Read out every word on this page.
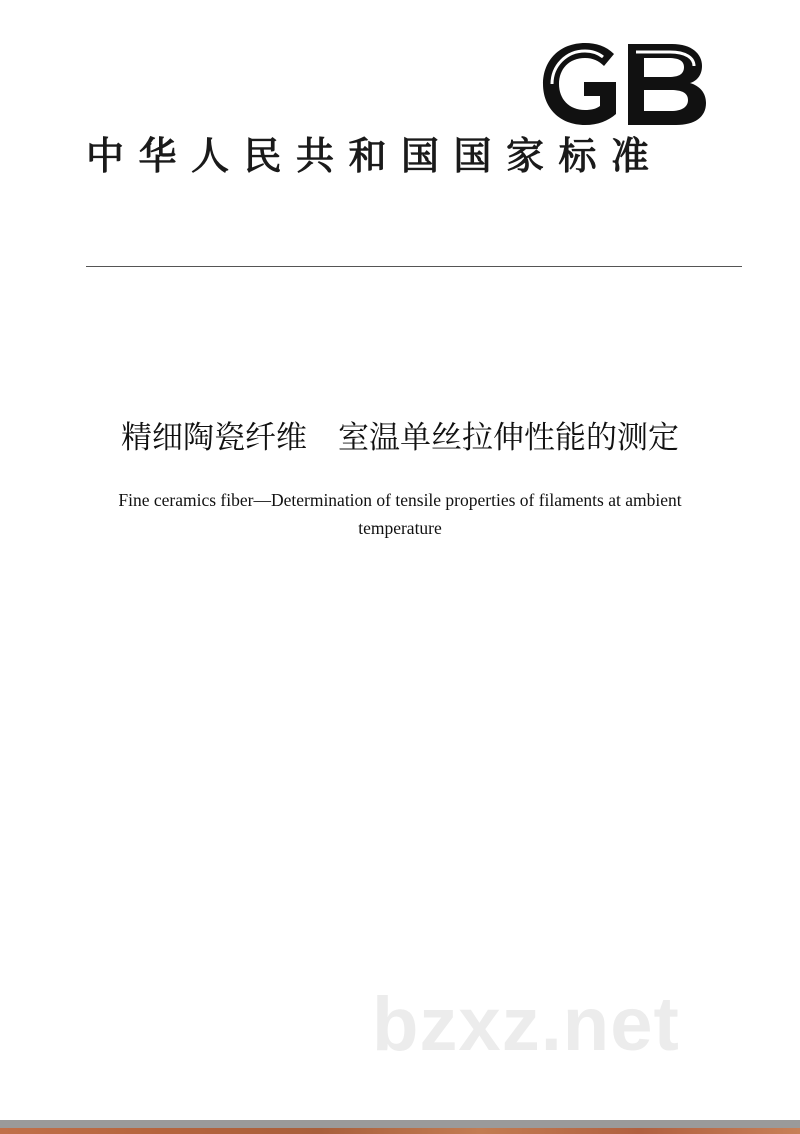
中华人民共和国国家标准
精细陶瓷纤维　室温单丝拉伸性能的测定
Fine ceramics fiber—Determination of tensile properties of filaments at ambient
temperature
bzxz.net
